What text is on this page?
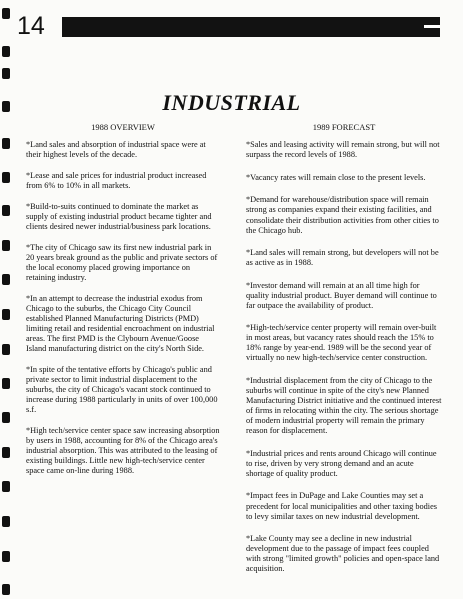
14
INDUSTRIAL
1988 OVERVIEW

*Land sales and absorption of industrial space were at their highest levels of the decade.

*Lease and sale prices for industrial product increased from 6% to 10% in all markets.

*Build-to-suits continued to dominate the market as supply of existing industrial product became tighter and clients desired newer industrial/business park locations.

*The city of Chicago saw its first new industrial park in 20 years break ground as the public and private sectors of the local economy placed growing importance on retaining industry.

*In an attempt to decrease the industrial exodus from Chicago to the suburbs, the Chicago City Council established Planned Manufacturing Districts (PMD) limiting retail and residential encroachment on industrial areas. The first PMD is the Clybourn Avenue/Goose Island manufacturing district on the city's North Side.

*In spite of the tentative efforts by Chicago's public and private sector to limit industrial displacement to the suburbs, the city of Chicago's vacant stock continued to increase during 1988 particularly in units of over 100,000 s.f.

*High tech/service center space saw increasing absorption by users in 1988, accounting for 8% of the Chicago area's industrial absorption. This was attributed to the leasing of existing buildings. Little new high-tech/service center space came on-line during 1988.

1989 FORECAST

*Sales and leasing activity will remain strong, but will not surpass the record levels of 1988.

*Vacancy rates will remain close to the present levels.

*Demand for warehouse/distribution space will remain strong as companies expand their existing facilities, and consolidate their distribution activities from other cities to the Chicago hub.

*Land sales will remain strong, but developers will not be as active as in 1988.

*Investor demand will remain at an all time high for quality industrial product. Buyer demand will continue to far outpace the availability of product.

*High-tech/service center property will remain over-built in most areas, but vacancy rates should reach the 15% to 18% range by year-end. 1989 will be the second year of virtually no new high-tech/service center construction.

*Industrial displacement from the city of Chicago to the suburbs will continue in spite of the city's new Planned Manufacturing District initiative and the continued interest of firms in relocating within the city. The serious shortage of modern industrial property will remain the primary reason for displacement.

*Industrial prices and rents around Chicago will continue to rise, driven by very strong demand and an acute shortage of quality product.

*Impact fees in DuPage and Lake Counties may set a precedent for local municipalities and other taxing bodies to levy similar taxes on new industrial development.

*Lake County may see a decline in new industrial development due to the passage of impact fees coupled with strong "limited growth" policies and open-space land acquisition.
